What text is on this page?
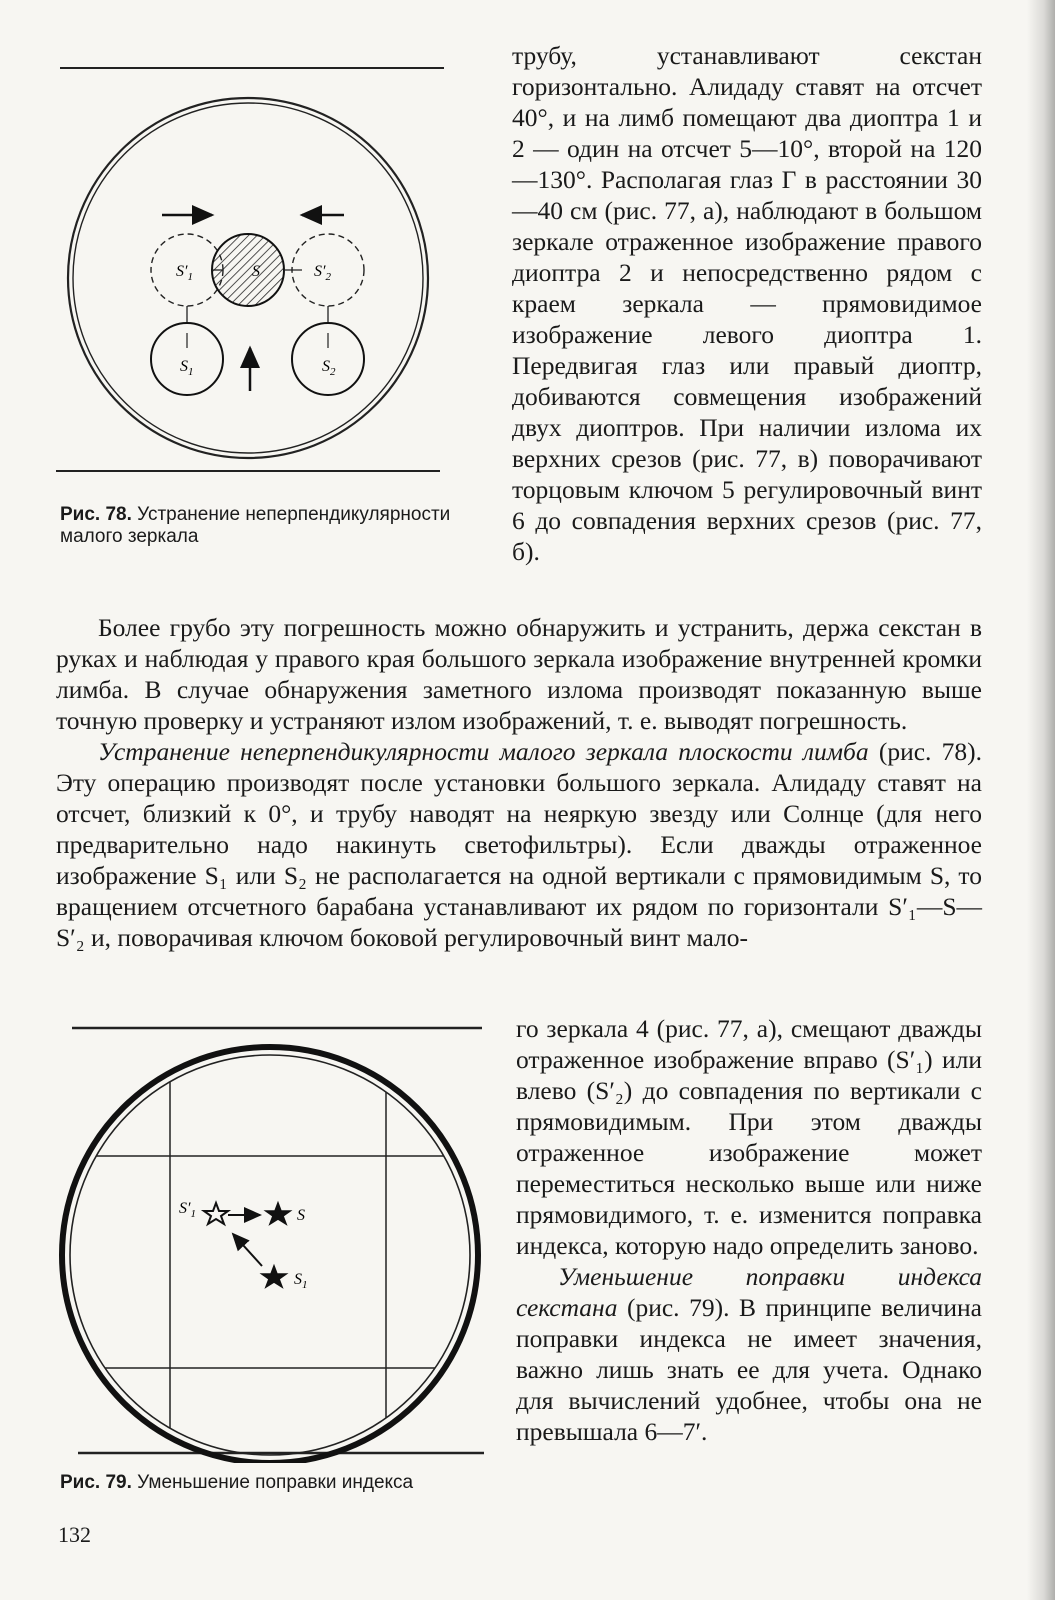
$S'_1$	S	$S'_2$
$S_1$	$S_2$

Рис. 78. Устранение неперпендикулярности малого зеркала

трубу, устанавливают секстан горизонтально. Алидаду ставят на отсчет 40°, и на лимб помещают два диоптра 1 и 2 — один на отсчет 5—10°, второй на 120—130°. Располагая глаз Г в расстоянии 30—40 см (рис. 77, а), наблюдают в большом зеркале отраженное изображение правого диоптра 2 и непосредственно рядом с краем зеркала — прямовидимое изображение левого диоптра 1. Передвигая глаз или правый диоптр, добиваются совмещения изображений двух диоптров. При наличии излома их верхних срезов (рис. 77, в) поворачивают торцовым ключом 5 регулировочный винт 6 до совпадения верхних срезов (рис. 77, б).

Более грубо эту погрешность можно обнаружить и устранить, держа секстан в руках и наблюдая у правого края большого зеркала изображение внутренней кромки лимба. В случае обнаружения заметного излома производят показанную выше точную проверку и устраняют излом изображений, т. е. выводят погрешность.

Устранение неперпендикулярности малого зеркала плоскости лимба (рис. 78). Эту операцию производят после установки большого зеркала. Алидаду ставят на отсчет, близкий к 0°, и трубу наводят на неяркую звезду или Солнце (для него предварительно надо накинуть светофильтры). Если дважды отраженное изображение S₁ или S₂ не располагается на одной вертикали с прямовидимым S, то вращением отсчетного барабана устанавливают их рядом по горизонтали S′₁—S—S′₂ и, поворачивая ключом боковой регулировочный винт мало-

$S'_1$	S
$S_1$

Рис. 79. Уменьшение поправки индекса

го зеркала 4 (рис. 77, а), смещают дважды отраженное изображение вправо (S′₁) или влево (S′₂) до совпадения по вертикали с прямовидимым. При этом дважды отраженное изображение может переместиться несколько выше или ниже прямовидимого, т. е. изменится поправка индекса, которую надо определить заново.

Уменьшение поправки индекса секстана (рис. 79). В принципе величина поправки индекса не имеет значения, важно лишь знать ее для учета. Однако для вычислений удобнее, чтобы она не превышала 6—7′.

132
